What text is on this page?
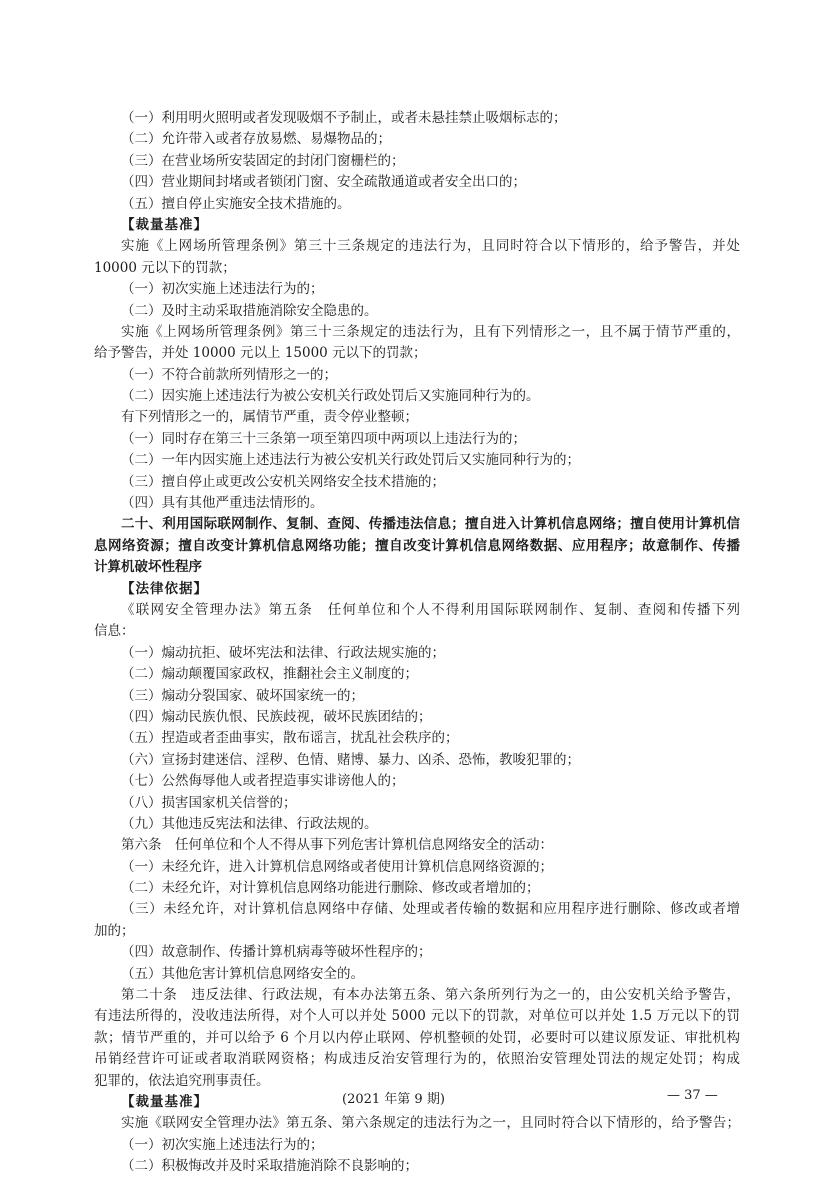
（一）利用明火照明或者发现吸烟不予制止，或者未悬挂禁止吸烟标志的；
（二）允许带入或者存放易燃、易爆物品的；
（三）在营业场所安装固定的封闭门窗栅栏的；
（四）营业期间封堵或者锁闭门窗、安全疏散通道或者安全出口的；
（五）擅自停止实施安全技术措施的。
【裁量基准】
实施《上网场所管理条例》第三十三条规定的违法行为，且同时符合以下情形的，给予警告，并处
10000 元以下的罚款；
（一）初次实施上述违法行为的；
（二）及时主动采取措施消除安全隐患的。
实施《上网场所管理条例》第三十三条规定的违法行为，且有下列情形之一，且不属于情节严重的，
给予警告，并处 10000 元以上 15000 元以下的罚款；
（一）不符合前款所列情形之一的；
（二）因实施上述违法行为被公安机关行政处罚后又实施同种行为的。
有下列情形之一的，属情节严重，责令停业整顿；
（一）同时存在第三十三条第一项至第四项中两项以上违法行为的；
（二）一年内因实施上述违法行为被公安机关行政处罚后又实施同种行为的；
（三）擅自停止或更改公安机关网络安全技术措施的；
（四）具有其他严重违法情形的。
二十、利用国际联网制作、复制、查阅、传播违法信息；擅自进入计算机信息网络；擅自使用计算机信
息网络资源；擅自改变计算机信息网络功能；擅自改变计算机信息网络数据、应用程序；故意制作、传播
计算机破坏性程序
【法律依据】
《联网安全管理办法》第五条　任何单位和个人不得利用国际联网制作、复制、查阅和传播下列
信息：
（一）煽动抗拒、破坏宪法和法律、行政法规实施的；
（二）煽动颠覆国家政权，推翻社会主义制度的；
（三）煽动分裂国家、破坏国家统一的；
（四）煽动民族仇恨、民族歧视，破坏民族团结的；
（五）捏造或者歪曲事实，散布谣言，扰乱社会秩序的；
（六）宣扬封建迷信、淫秽、色情、赌博、暴力、凶杀、恐怖，教唆犯罪的；
（七）公然侮辱他人或者捏造事实诽谤他人的；
（八）损害国家机关信誉的；
（九）其他违反宪法和法律、行政法规的。
第六条　任何单位和个人不得从事下列危害计算机信息网络安全的活动：
（一）未经允许，进入计算机信息网络或者使用计算机信息网络资源的；
（二）未经允许，对计算机信息网络功能进行删除、修改或者增加的；
（三）未经允许，对计算机信息网络中存储、处理或者传输的数据和应用程序进行删除、修改或者增
加的；
（四）故意制作、传播计算机病毒等破坏性程序的；
（五）其他危害计算机信息网络安全的。
第二十条　违反法律、行政法规，有本办法第五条、第六条所列行为之一的，由公安机关给予警告，
有违法所得的，没收违法所得，对个人可以并处 5000 元以下的罚款，对单位可以并处 1.5 万元以下的罚
款；情节严重的，并可以给予 6 个月以内停止联网、停机整顿的处罚，必要时可以建议原发证、审批机构
吊销经营许可证或者取消联网资格；构成违反治安管理行为的，依照治安管理处罚法的规定处罚；构成
犯罪的，依法追究刑事责任。
【裁量基准】
实施《联网安全管理办法》第五条、第六条规定的违法行为之一，且同时符合以下情形的，给予警告；
（一）初次实施上述违法行为的；
（二）积极悔改并及时采取措施消除不良影响的；
(2021 年第 9 期)	— 37 —
